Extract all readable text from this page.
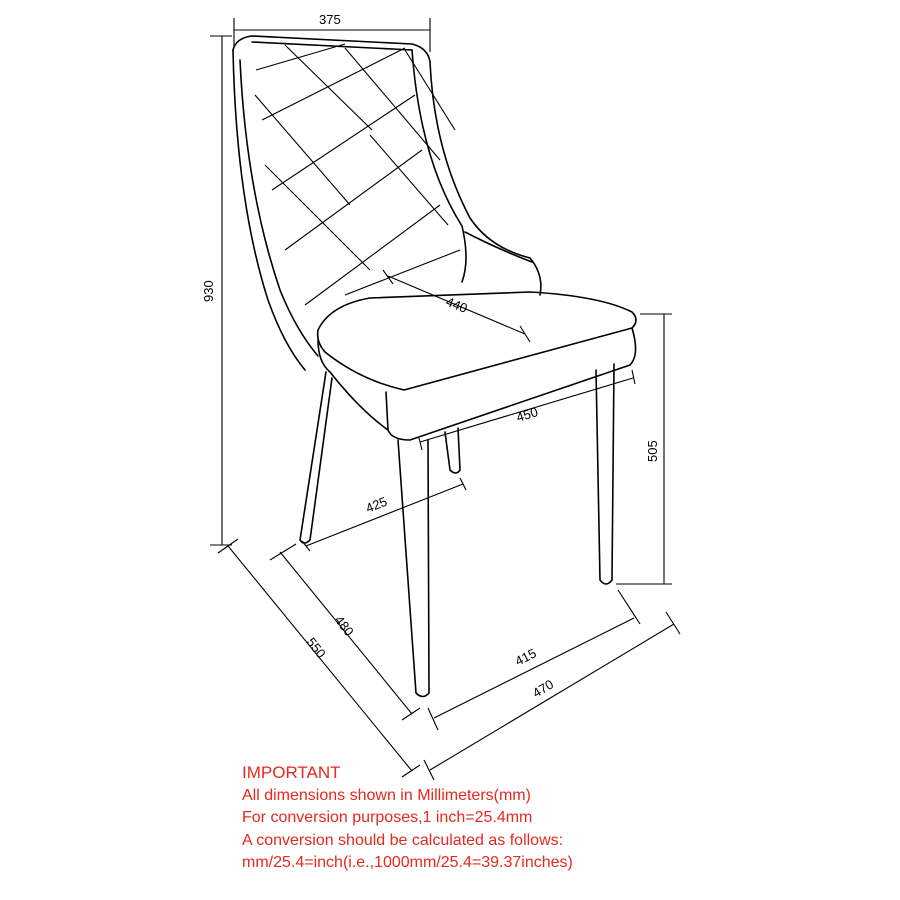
375
930
440
450
505
425
480
550	415
470
IMPORTANT
All dimensions shown in Millimeters(mm)
For conversion purposes,1 inch=25.4mm
A conversion should be calculated as follows:
mm/25.4=inch(i.e.,1000mm/25.4=39.37inches)
